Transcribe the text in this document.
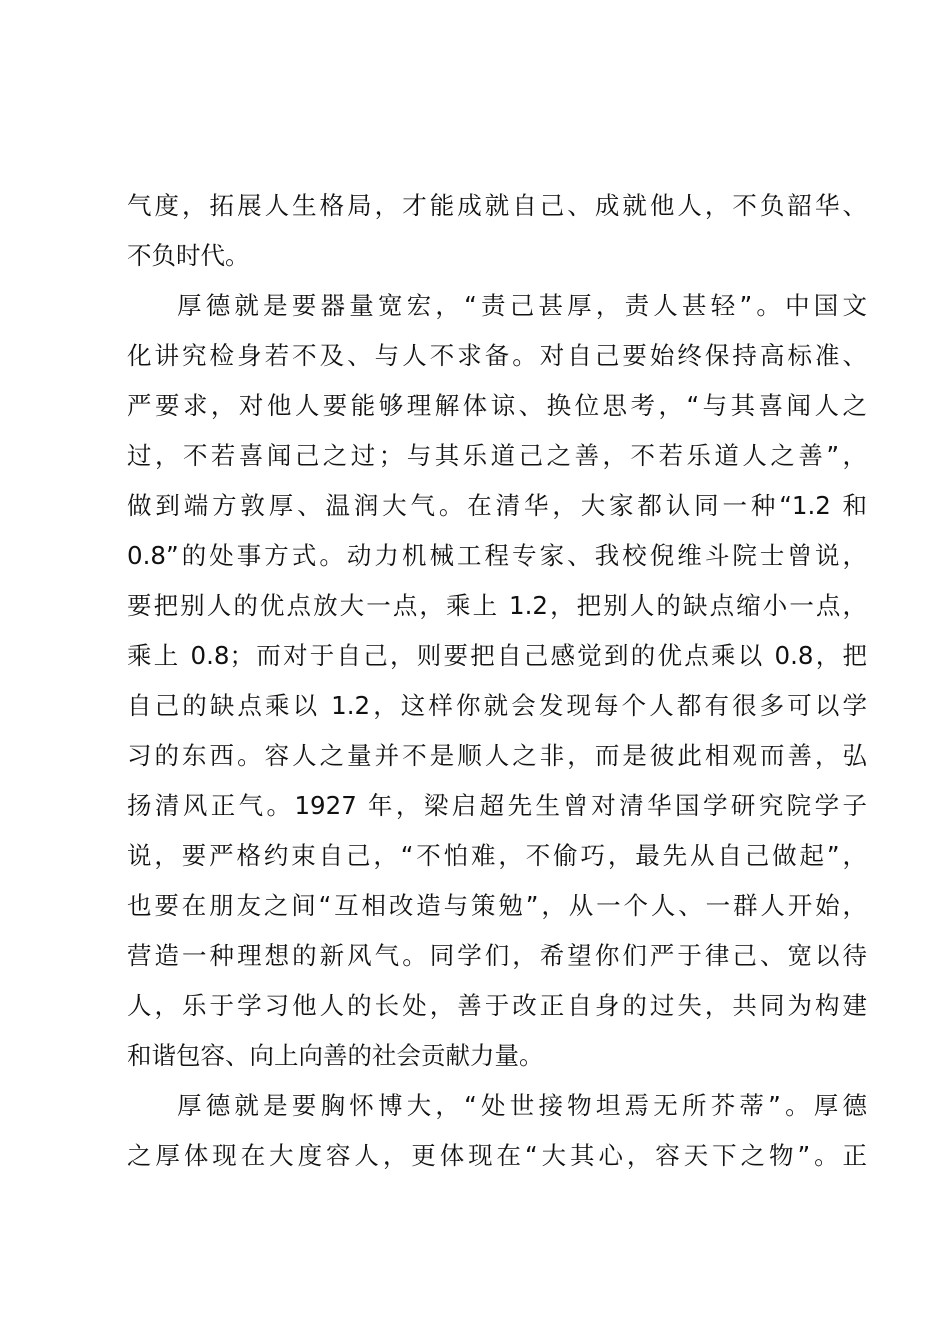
气度，拓展人生格局，才能成就自己、成就他人，不负韶华、
不负时代。
厚德就是要器量宽宏，“责己甚厚，责人甚轻”。中国文
化讲究检身若不及、与人不求备。对自己要始终保持高标准、
严要求，对他人要能够理解体谅、换位思考，“与其喜闻人之
过，不若喜闻己之过；与其乐道己之善，不若乐道人之善”，
做到端方敦厚、温润大气。在清华，大家都认同一种“1.2 和
0.8”的处事方式。动力机械工程专家、我校倪维斗院士曾说，
要把别人的优点放大一点，乘上 1.2，把别人的缺点缩小一点，
乘上 0.8；而对于自己，则要把自己感觉到的优点乘以 0.8，把
自己的缺点乘以 1.2，这样你就会发现每个人都有很多可以学
习的东西。容人之量并不是顺人之非，而是彼此相观而善，弘
扬清风正气。1927 年，梁启超先生曾对清华国学研究院学子
说，要严格约束自己，“不怕难，不偷巧，最先从自己做起”，
也要在朋友之间“互相改造与策勉”，从一个人、一群人开始，
营造一种理想的新风气。同学们，希望你们严于律己、宽以待
人，乐于学习他人的长处，善于改正自身的过失，共同为构建
和谐包容、向上向善的社会贡献力量。
厚德就是要胸怀博大，“处世接物坦焉无所芥蒂”。厚德
之厚体现在大度容人，更体现在“大其心，容天下之物”。正
